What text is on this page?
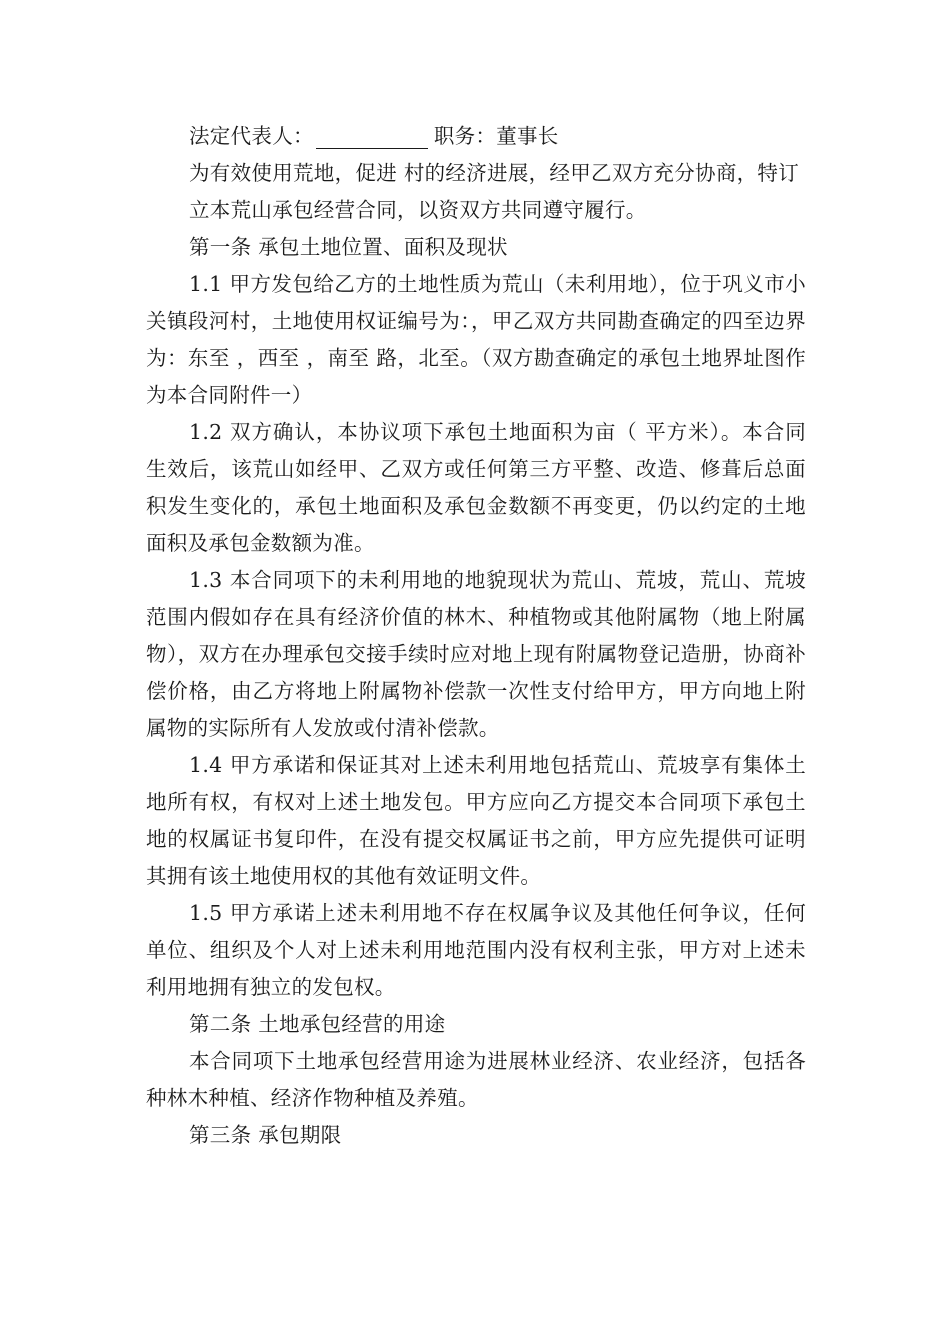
法定代表人：	职务：董事长

为有效使用荒地，促进 村的经济进展，经甲乙双方充分协商，特订

立本荒山承包经营合同，以资双方共同遵守履行。

第一条 承包土地位置、面积及现状

1.1 甲方发包给乙方的土地性质为荒山（未利用地），位于巩义市小关镇段河村，土地使用权证编号为：，甲乙双方共同勘查确定的四至边界为：东至 ，西至 ，南至 路，北至。（双方勘查确定的承包土地界址图作为本合同附件一）

1.2 双方确认，本协议项下承包土地面积为亩（ 平方米）。本合同生效后，该荒山如经甲、乙双方或任何第三方平整、改造、修葺后总面积发生变化的，承包土地面积及承包金数额不再变更，仍以约定的土地面积及承包金数额为准。

1.3 本合同项下的未利用地的地貌现状为荒山、荒坡，荒山、荒坡范围内假如存在具有经济价值的林木、种植物或其他附属物（地上附属物），双方在办理承包交接手续时应对地上现有附属物登记造册，协商补偿价格，由乙方将地上附属物补偿款一次性支付给甲方，甲方向地上附属物的实际所有人发放或付清补偿款。

1.4 甲方承诺和保证其对上述未利用地包括荒山、荒坡享有集体土地所有权，有权对上述土地发包。甲方应向乙方提交本合同项下承包土地的权属证书复印件，在没有提交权属证书之前，甲方应先提供可证明其拥有该土地使用权的其他有效证明文件。

1.5 甲方承诺上述未利用地不存在权属争议及其他任何争议，任何单位、组织及个人对上述未利用地范围内没有权利主张，甲方对上述未利用地拥有独立的发包权。

第二条 土地承包经营的用途

本合同项下土地承包经营用途为进展林业经济、农业经济，包括各种林木种植、经济作物种植及养殖。

第三条 承包期限
